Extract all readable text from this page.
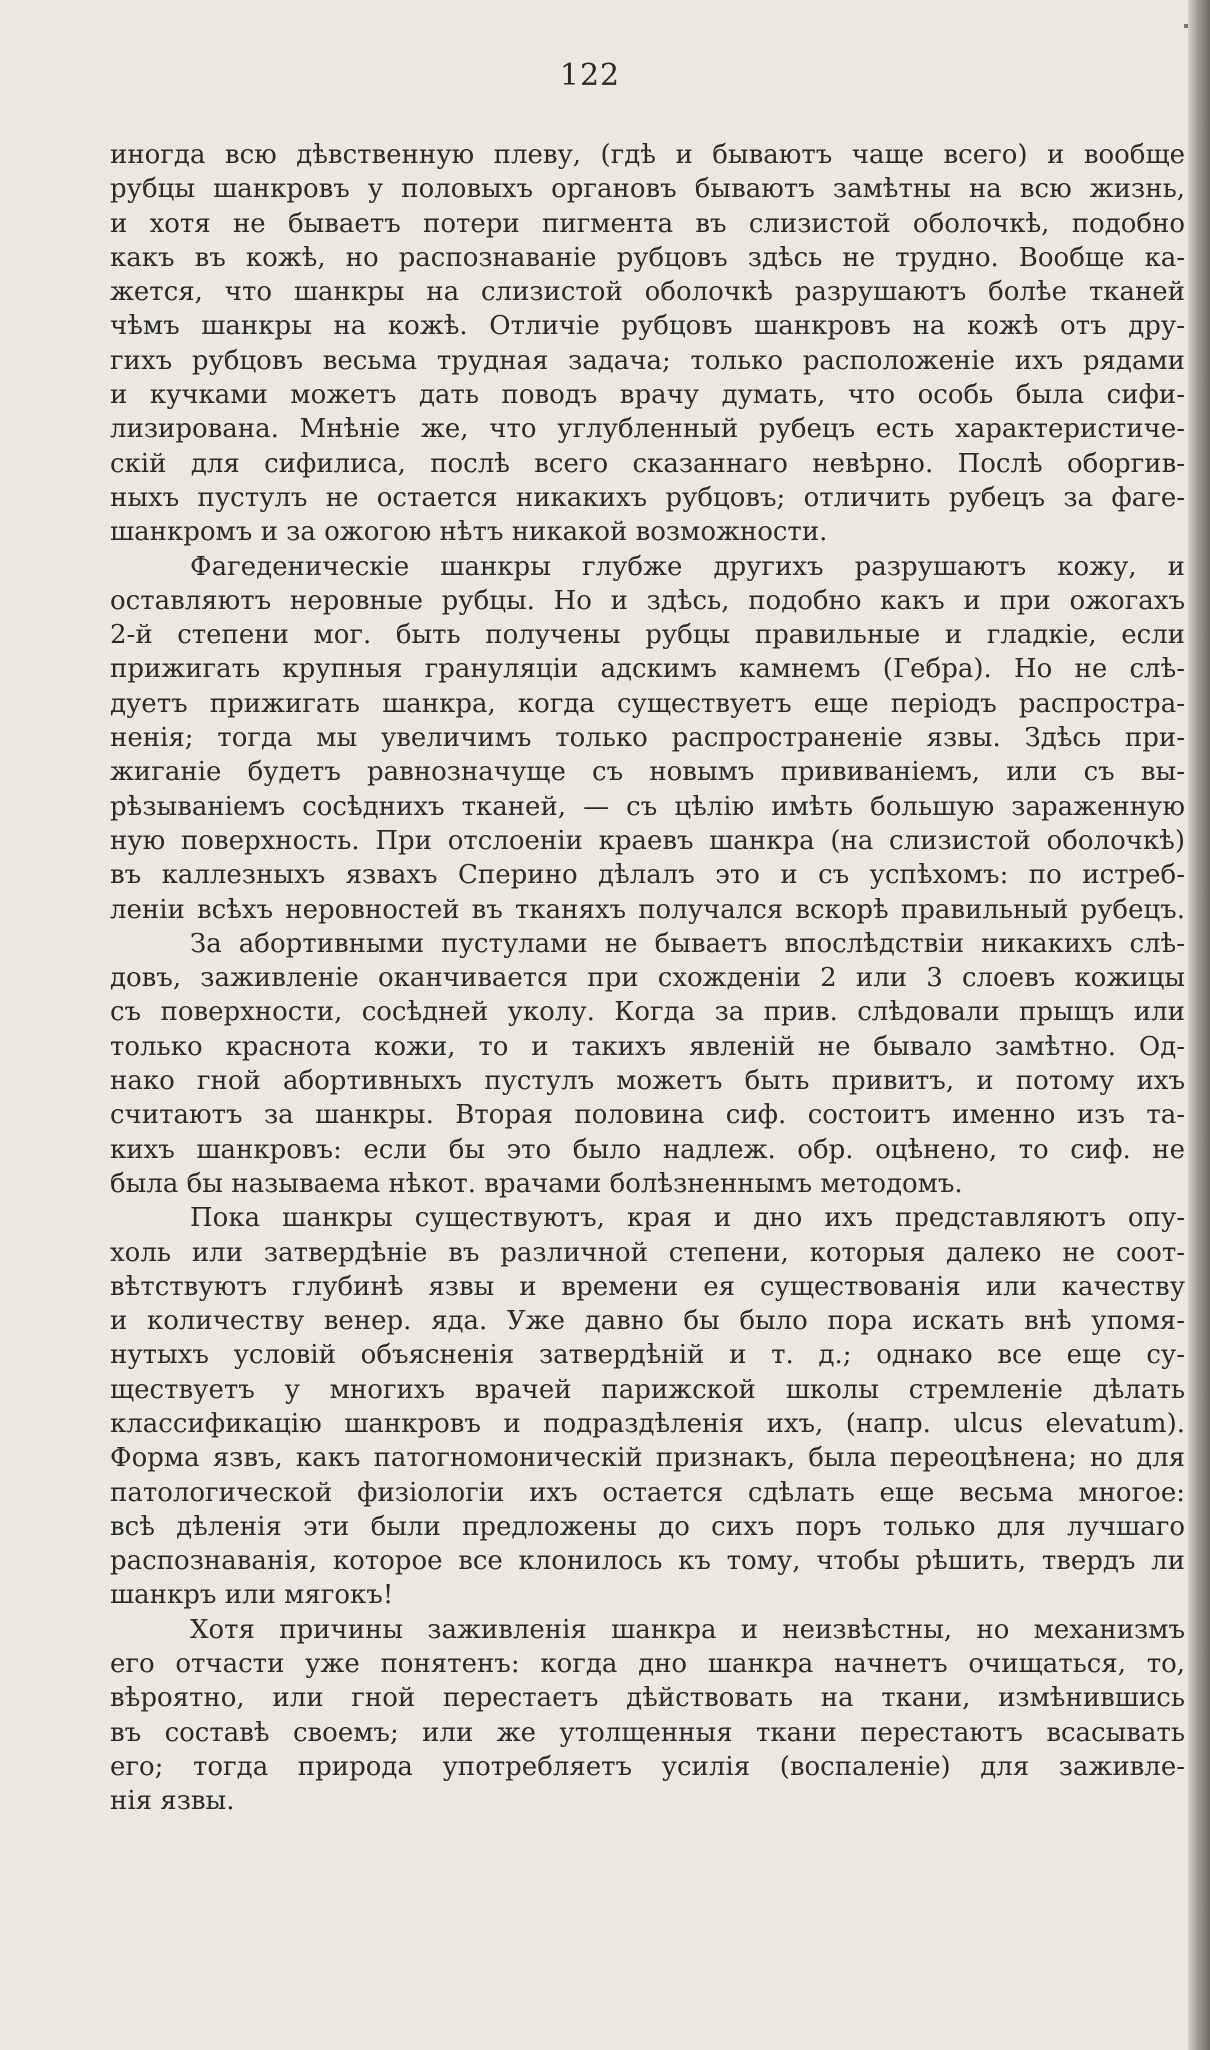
122
иногда всю дѣвственную плеву, (гдѣ и бываютъ чаще всего) и вообще
рубцы шанкровъ у половыхъ органовъ бываютъ замѣтны на всю жизнь,
и хотя не бываетъ потери пигмента въ слизистой оболочкѣ, подобно
какъ въ кожѣ, но распознаваніе рубцовъ здѣсь не трудно. Вообще ка-
жется, что шанкры на слизистой оболочкѣ разрушаютъ болѣе тканей
чѣмъ шанкры на кожѣ. Отличіе рубцовъ шанкровъ на кожѣ отъ дру-
гихъ рубцовъ весьма трудная задача; только расположеніе ихъ рядами
и кучками можетъ дать поводъ врачу думать, что особь была сифи-
лизирована. Мнѣніе же, что углубленный рубецъ есть характеристиче-
скій для сифилиса, послѣ всего сказаннаго невѣрно. Послѣ оборгив-
ныхъ пустулъ не остается никакихъ рубцовъ; отличить рубецъ за фаге-
шанкромъ и за ожогою нѣтъ никакой возможности.
Фагеденическіе шанкры глубже другихъ разрушаютъ кожу, и
оставляютъ неровные рубцы. Но и здѣсь, подобно какъ и при ожогахъ
2-й степени мог. быть получены рубцы правильные и гладкіе, если
прижигать крупныя грануляціи адскимъ камнемъ (Гебра). Но не слѣ-
дуетъ прижигать шанкра, когда существуетъ еще періодъ распростра-
ненія; тогда мы увеличимъ только распространеніе язвы. Здѣсь при-
жиганіе будетъ равнозначуще съ новымъ прививаніемъ, или съ вы-
рѣзываніемъ сосѣднихъ тканей, — съ цѣлію имѣть большую зараженную
ную поверхность. При отслоеніи краевъ шанкра (на слизистой оболочкѣ)
въ каллезныхъ язвахъ Сперино дѣлалъ это и съ успѣхомъ: по истреб-
леніи всѣхъ неровностей въ тканяхъ получался вскорѣ правильный рубецъ.
За абортивными пустулами не бываетъ впослѣдствіи никакихъ слѣ-
довъ, заживленіе оканчивается при схожденіи 2 или 3 слоевъ кожицы
съ поверхности, сосѣдней уколу. Когда за прив. слѣдовали прыщъ или
только краснота кожи, то и такихъ явленій не бывало замѣтно. Од-
нако гной абортивныхъ пустулъ можетъ быть привитъ, и потому ихъ
считаютъ за шанкры. Вторая половина сиф. состоитъ именно изъ та-
кихъ шанкровъ: если бы это было надлеж. обр. оцѣнено, то сиф. не
была бы называема нѣкот. врачами болѣзненнымъ методомъ.
Пока шанкры существуютъ, края и дно ихъ представляютъ опу-
холь или затвердѣніе въ различной степени, которыя далеко не соот-
вѣтствуютъ глубинѣ язвы и времени ея существованія или качеству
и количеству венер. яда. Уже давно бы было пора искать внѣ упомя-
нутыхъ условій объясненія затвердѣній и т. д.; однако все еще су-
ществуетъ у многихъ врачей парижской школы стремленіе дѣлать
классификацію шанкровъ и подраздѣленія ихъ, (напр. ulcus elevatum).
Форма язвъ, какъ патогномоническій признакъ, была переоцѣнена; но для
патологической физіологіи ихъ остается сдѣлать еще весьма многое:
всѣ дѣленія эти были предложены до сихъ поръ только для лучшаго
распознаванія, которое все клонилось къ тому, чтобы рѣшить, твердъ ли
шанкръ или мягокъ!
Хотя причины заживленія шанкра и неизвѣстны, но механизмъ
его отчасти уже понятенъ: когда дно шанкра начнетъ очищаться, то,
вѣроятно, или гной перестаетъ дѣйствовать на ткани, измѣнившись
въ составѣ своемъ; или же утолщенныя ткани перестаютъ всасывать
его; тогда природа употребляетъ усилія (воспаленіе) для заживле-
нія язвы.
